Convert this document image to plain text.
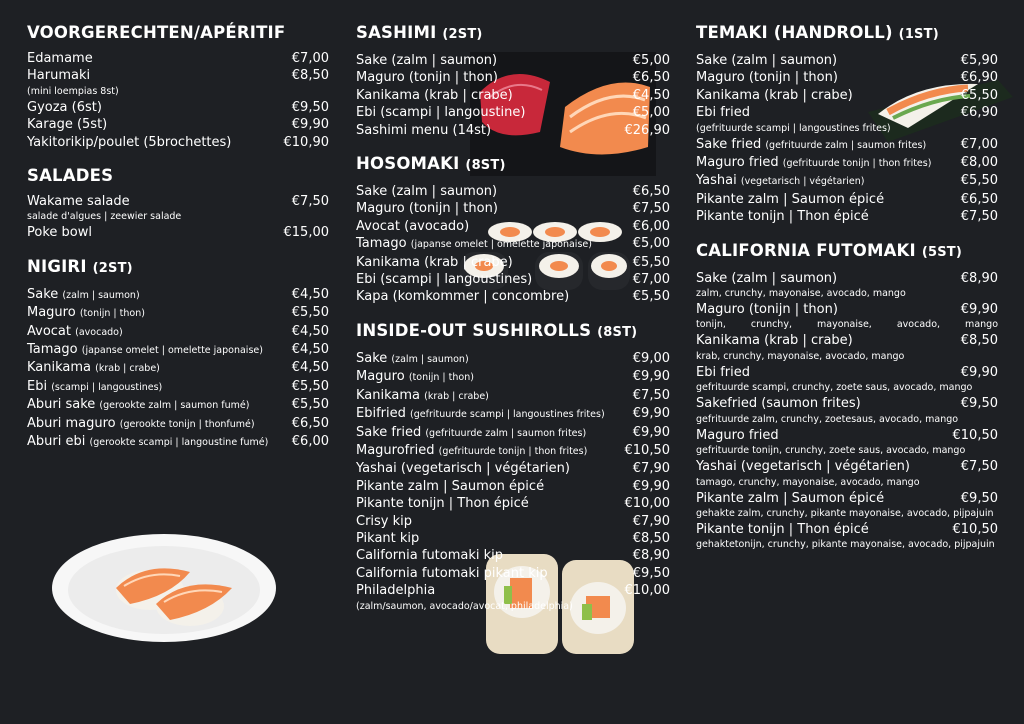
VOORGERECHTEN/APÉRITIF
Edamame	€7,00
Harumaki	€8,50
(mini loempias 8st)
Gyoza (6st)	€9,50
Karage (5st)	€9,90
Yakitorikip/poulet (5brochettes)	€10,90
SALADES
Wakame salade	€7,50
salade d'algues | zeewier salade
Poke bowl	€15,00
NIGIRI (2ST)
Sake (zalm | saumon)	€4,50
Maguro (tonijn | thon)	€5,50
Avocat (avocado)	€4,50
Tamago (japanse omelet | omelette japonaise) €4,50
Kanikama (krab | crabe)	€4,50
Ebi (scampi | langoustines)	€5,50
Aburi sake (gerookte zalm | saumon fumé)	€5,50
Aburi maguro (gerookte tonijn | thonfumé)	€6,50
Aburi ebi (gerookte scampi | langoustine fumé) €6,00
SASHIMI (2ST)
Sake (zalm | saumon)	€5,00
Maguro (tonijn | thon)	€6,50
Kanikama (krab | crabe)	€4,50
Ebi (scampi | langoustine)	€5,00
Sashimi menu (14st)	€26,90
HOSOMAKI (8ST)
Sake (zalm | saumon)	€6,50
Maguro (tonijn | thon)	€7,50
Avocat (avocado)	€6,00
Tamago (japanse omelet | omelette japonaise)	€5,00
Kanikama (krab | crabe)	€5,50
Ebi (scampi | langoustines)	€7,00
Kapa (komkommer | concombre)	€5,50
INSIDE-OUT SUSHIROLLS (8ST)
Sake (zalm | saumon)	€9,00
Maguro (tonijn | thon)	€9,90
Kanikama (krab | crabe)	€7,50
Ebifried (gefrituurde scampi | langoustines frites) €9,90
Sake fried (gefrituurde zalm | saumon frites)	€9,90
Magurofried (gefrituurde tonijn | thon frites)	€10,50
Yashai (vegetarisch | végétarien)	€7,90
Pikante zalm | Saumon épicé	€9,90
Pikante tonijn | Thon épicé	€10,00
Crisy kip	€7,90
Pikant kip	€8,50
California futomaki kip	€8,90
California futomaki pikant kip	€9,50
Philadelphia	€10,00
(zalm/saumon, avocado/avocat, philadelphia)
TEMAKI (HANDROLL) (1ST)
Sake (zalm | saumon)	€5,90
Maguro (tonijn | thon)	€6,90
Kanikama (krab | crabe)	€5,50
Ebi fried	€6,90
(gefrituurde scampi | langoustines frites)
Sake fried (gefrituurde zalm | saumon frites)	€7,00
Maguro fried (gefrituurde tonijn | thon frites) €8,00
Yashai (vegetarisch | végétarien)	€5,50
Pikante zalm | Saumon épicé	€6,50
Pikante tonijn | Thon épicé	€7,50
CALIFORNIA FUTOMAKI (5ST)
Sake (zalm | saumon)	€8,90
zalm, crunchy, mayonaise, avocado, mango
Maguro (tonijn | thon)	€9,90
tonijn, crunchy, mayonaise, avocado, mango
Kanikama (krab | crabe)	€8,50
krab, crunchy, mayonaise, avocado, mango
Ebi fried	€9,90
gefrituurde scampi, crunchy, zoete saus, avocado, mango
Sakefried (saumon frites)	€9,50
gefrituurde zalm, crunchy, zoetesaus, avocado, mango
Maguro fried	€10,50
gefrituurde tonijn, crunchy, zoete saus, avocado, mango
Yashai (vegetarisch | végétarien)	€7,50
tamago, crunchy, mayonaise, avocado, mango
Pikante zalm | Saumon épicé	€9,50
gehakte zalm, crunchy, pikante mayonaise, avocado, pijpajuin
Pikante tonijn | Thon épicé	€10,50
gehaktetonijn, crunchy, pikante mayonaise, avocado, pijpajuin
